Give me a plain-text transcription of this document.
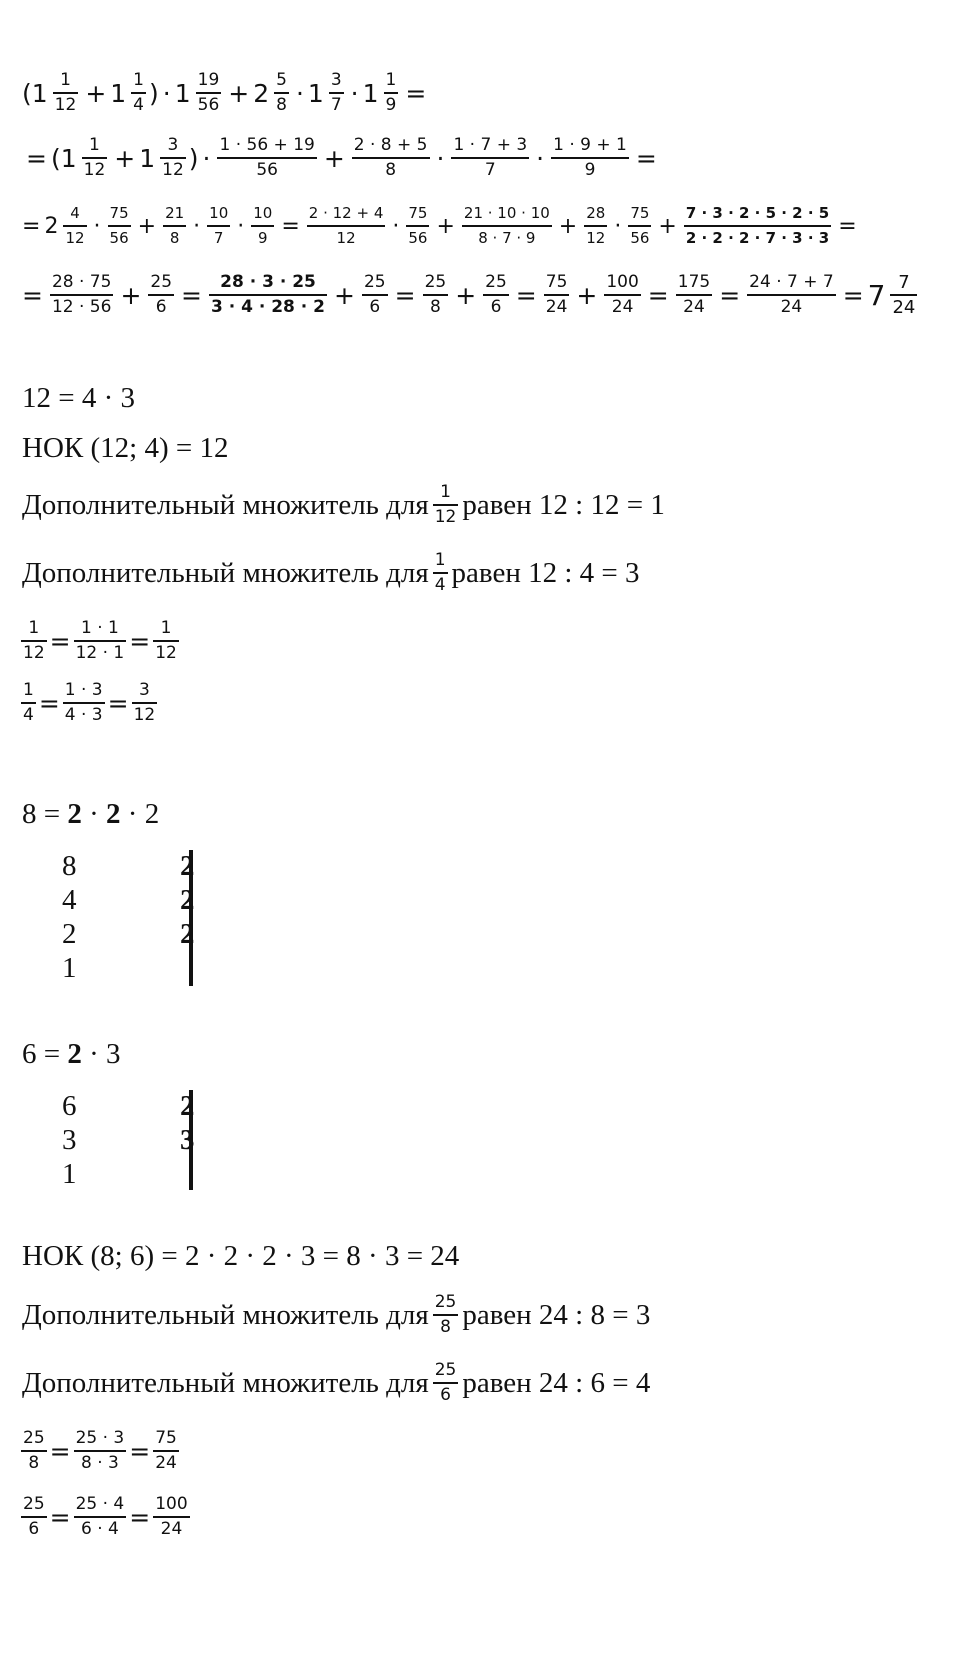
( $1 \frac{1}{12} + 1 \frac{1}{4}$ ) · $1 \frac{19}{56} + 2 \frac{5}{8} \cdot 1 \frac{3}{7} \cdot 1 \frac{1}{9}$ =
= ( $1 \frac{1}{12} + 1 \frac{3}{12}$ ) · $\frac{1 \cdot 56 + 19}{56} + \frac{2 \cdot 8 + 5}{8} \cdot \frac{1 \cdot 7 + 3}{7} \cdot \frac{1 \cdot 9 + 1}{9}$ =
= $2 \frac{4}{12} \cdot \frac{75}{56} + \frac{21}{8} \cdot \frac{10}{7} \cdot \frac{10}{9} = \frac{2 \cdot 12 + 4}{12} \cdot \frac{75}{56} + \frac{21 \cdot 10 \cdot 10}{8 \cdot 7 \cdot 9} + \frac{28}{12} \cdot \frac{75}{56} + \frac{7 \cdot 3 \cdot 2 \cdot 5 \cdot 2 \cdot 5}{2 \cdot 2 \cdot 2 \cdot 7 \cdot 3 \cdot 3}$ =
= $\frac{28 \cdot 75}{12 \cdot 56} + \frac{25}{6} = \frac{28 \cdot 3 \cdot 25}{3 \cdot 4 \cdot 28 \cdot 2} + \frac{25}{6} = \frac{25}{8} + \frac{25}{6} = \frac{75}{24} + \frac{100}{24} = \frac{175}{24} = \frac{24 \cdot 7 + 7}{24} = 7 \frac{7}{24}$
12 = 4 · 3
НОК (12; 4) = 12
Дополнительный множитель для $\frac{1}{12}$ равен
12 : 12 = 1
Дополнительный множитель для $\frac{1}{4}$ равен
12 : 4 = 3
$\frac{1}{12} = \frac{1 \cdot 1}{12 \cdot 1} = \frac{1}{12}$
$\frac{1}{4} = \frac{1 \cdot 3}{4 \cdot 3} = \frac{3}{12}$
8 =
2
·
2
· 2
8	2
4	2
2	2
1
6 =
2
· 3
6	2
3	3
1
НОК (8; 6) = 2 · 2 · 2 · 3 = 8 · 3 = 24
Дополнительный множитель для $\frac{25}{8}$ равен
24 : 8 = 3
Дополнительный множитель для $\frac{25}{6}$ равен
24 : 6 = 4
$\frac{25}{8} = \frac{25 \cdot 3}{8 \cdot 3} = \frac{75}{24}$
$\frac{25}{6} = \frac{25 \cdot 4}{6 \cdot 4} = \frac{100}{24}$
